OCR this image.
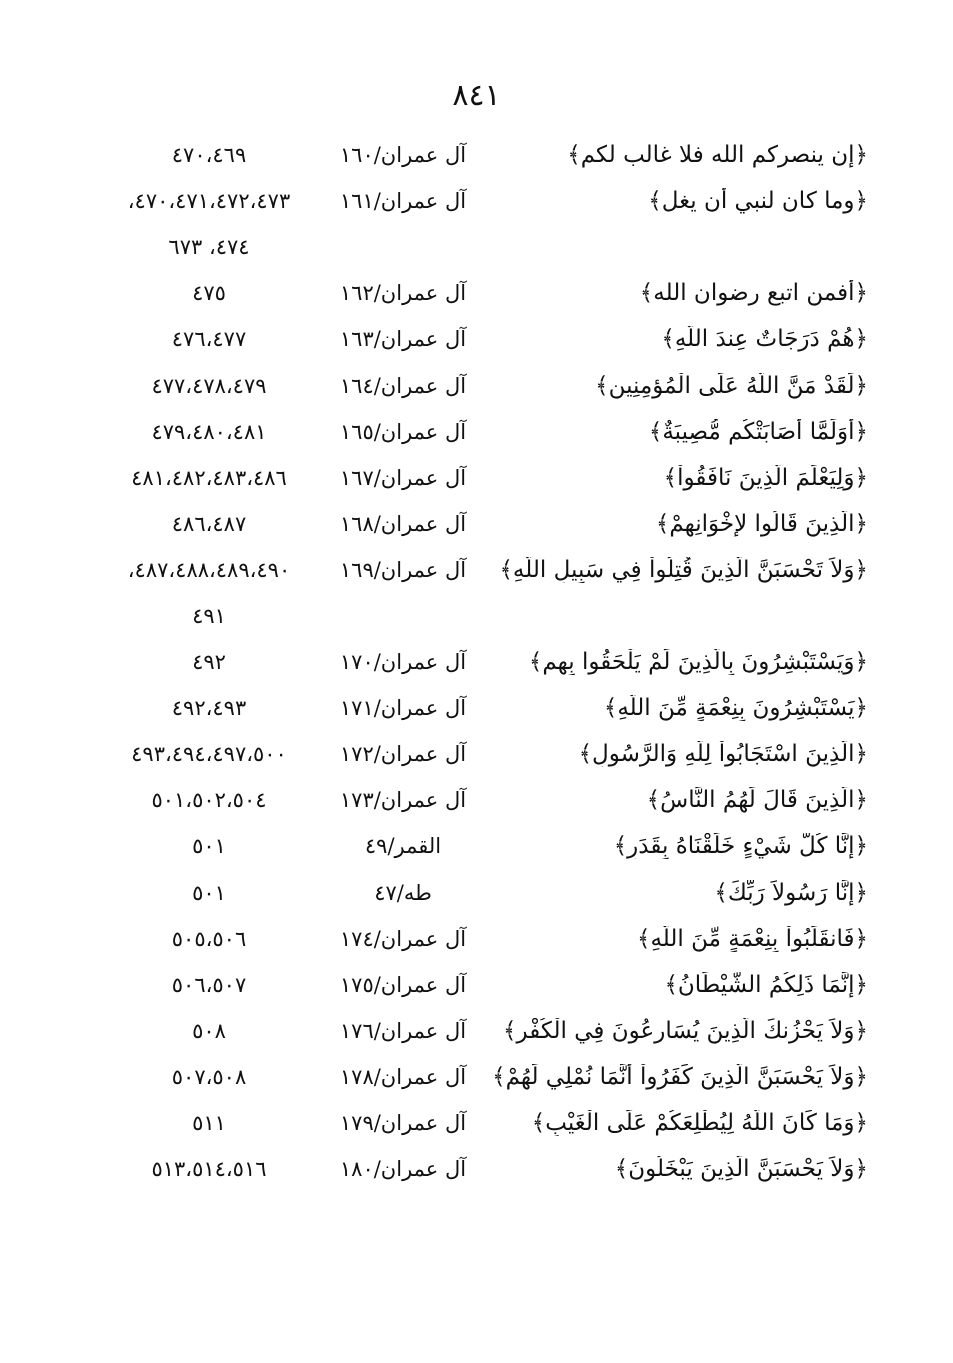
٨٤١
﴿إن ينصركم الله فلا غالب لكم﴾
آل عمران/١٦٠
٤٧٠،٤٦٩
﴿وما كان لنبي أن يغل﴾
آل عمران/١٦١
٤٧٠،٤٧١،٤٧٢،٤٧٣،
٤٧٤، ٦٧٣
﴿أفمن اتبع رضوان الله﴾
آل عمران/١٦٢
٤٧٥
﴿هُمْ دَرَجَاتٌ عِندَ اللّهِ﴾
آل عمران/١٦٣
٤٧٦،٤٧٧
﴿لَقَدْ مَنَّ اللّهُ عَلَى الْمُؤمِنِين﴾
آل عمران/١٦٤
٤٧٧،٤٧٨،٤٧٩
﴿أَوَلَمَّا أَصَابَتْكُم مُّصِيبَةٌ﴾
آل عمران/١٦٥
٤٧٩،٤٨٠،٤٨١
﴿وَلِيَعْلَمَ الَّذِينَ نَافَقُواْ﴾
آل عمران/١٦٧
٤٨١،٤٨٢،٤٨٣،٤٨٦
﴿الَّذِينَ قَالُوا لإِخْوَانِهِمْ﴾
آل عمران/١٦٨
٤٨٦،٤٨٧
﴿وَلاَ تَحْسَبَنَّ الَّذِينَ قُتِلُواْ فِي سَبِيلِ اللّهِ﴾
آل عمران/١٦٩
٤٨٧،٤٨٨،٤٨٩،٤٩٠،
٤٩١
﴿وَيَسْتَبْشِرُونَ بِالَّذِينَ لَمْ يَلْحَقُوا بِهِم﴾
آل عمران/١٧٠
٤٩٢
﴿يَسْتَبْشِرُونَ بِنِعْمَةٍ مِّنَ اللّهِ﴾
آل عمران/١٧١
٤٩٢،٤٩٣
﴿الَّذِينَ اسْتَجَابُواْ لِلّهِ وَالرَّسُولِ﴾
آل عمران/١٧٢
٤٩٣،٤٩٤،٤٩٧،٥٠٠
﴿الَّذِينَ قَالَ لَهُمُ النَّاسُ﴾
آل عمران/١٧٣
٥٠١،٥٠٢،٥٠٤
﴿إِنَّا كُلَّ شَيْءٍ خَلَقْنَاهُ بِقَدَرٍ﴾
القمر/٤٩
٥٠١
﴿إِنَّا رَسُولاَ رَبِّكَ﴾
طه/٤٧
٥٠١
﴿فَانقَلَبُواْ بِنِعْمَةٍ مِّنَ اللّهِ﴾
آل عمران/١٧٤
٥٠٥،٥٠٦
﴿إِنَّمَا ذَلِكُمُ الشَّيْطَانُ﴾
آل عمران/١٧٥
٥٠٦،٥٠٧
﴿وَلاَ يَحْزُنكَ الَّذِينَ يُسَارِعُونَ فِي الْكُفْرِ﴾
آل عمران/١٧٦
٥٠٨
﴿وَلاَ يَحْسَبَنَّ الَّذِينَ كَفَرُواْ أَنَّمَا نُمْلِي لَهُمْ﴾
آل عمران/١٧٨
٥٠٧،٥٠٨
﴿وَمَا كَانَ اللّهُ لِيُطْلِعَكُمْ عَلَى الْغَيْبِ﴾
آل عمران/١٧٩
٥١١
﴿وَلاَ يَحْسَبَنَّ الَّذِينَ يَبْخَلُونَ﴾
آل عمران/١٨٠
٥١٣،٥١٤،٥١٦
